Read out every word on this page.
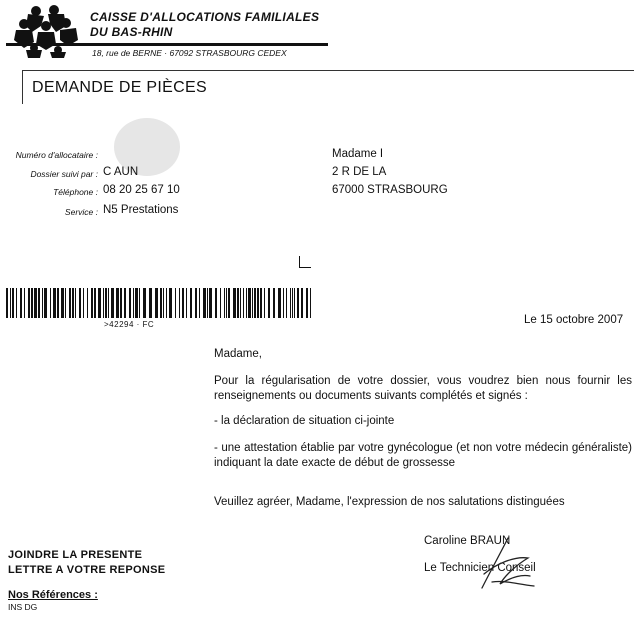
CAISSE D'ALLOCATIONS FAMILIALES
DU BAS-RHIN
18, rue de BERNE · 67092 STRASBOURG CEDEX
DEMANDE DE PIÈCES
Numéro d'allocataire :
Dossier suivi par : C AUN
Téléphone : 08 20 25 67 10
Service : N5 Prestations
Madame I
2 R DE LA
67000 STRASBOURG
>42294 · FC	Le 15 octobre 2007
Madame,
Pour la régularisation de votre dossier, vous voudrez bien nous fournir les renseignements ou documents suivants complétés et signés :
- la déclaration de situation ci-jointe
- une attestation établie par votre gynécologue (et non votre médecin généraliste) indiquant la date exacte de début de grossesse
Veuillez agréer, Madame, l'expression de nos salutations distinguées
Caroline BRAUN
Le Technicien Conseil
JOINDRE LA PRESENTE
LETTRE A VOTRE REPONSE
Nos Références :
INS DG
